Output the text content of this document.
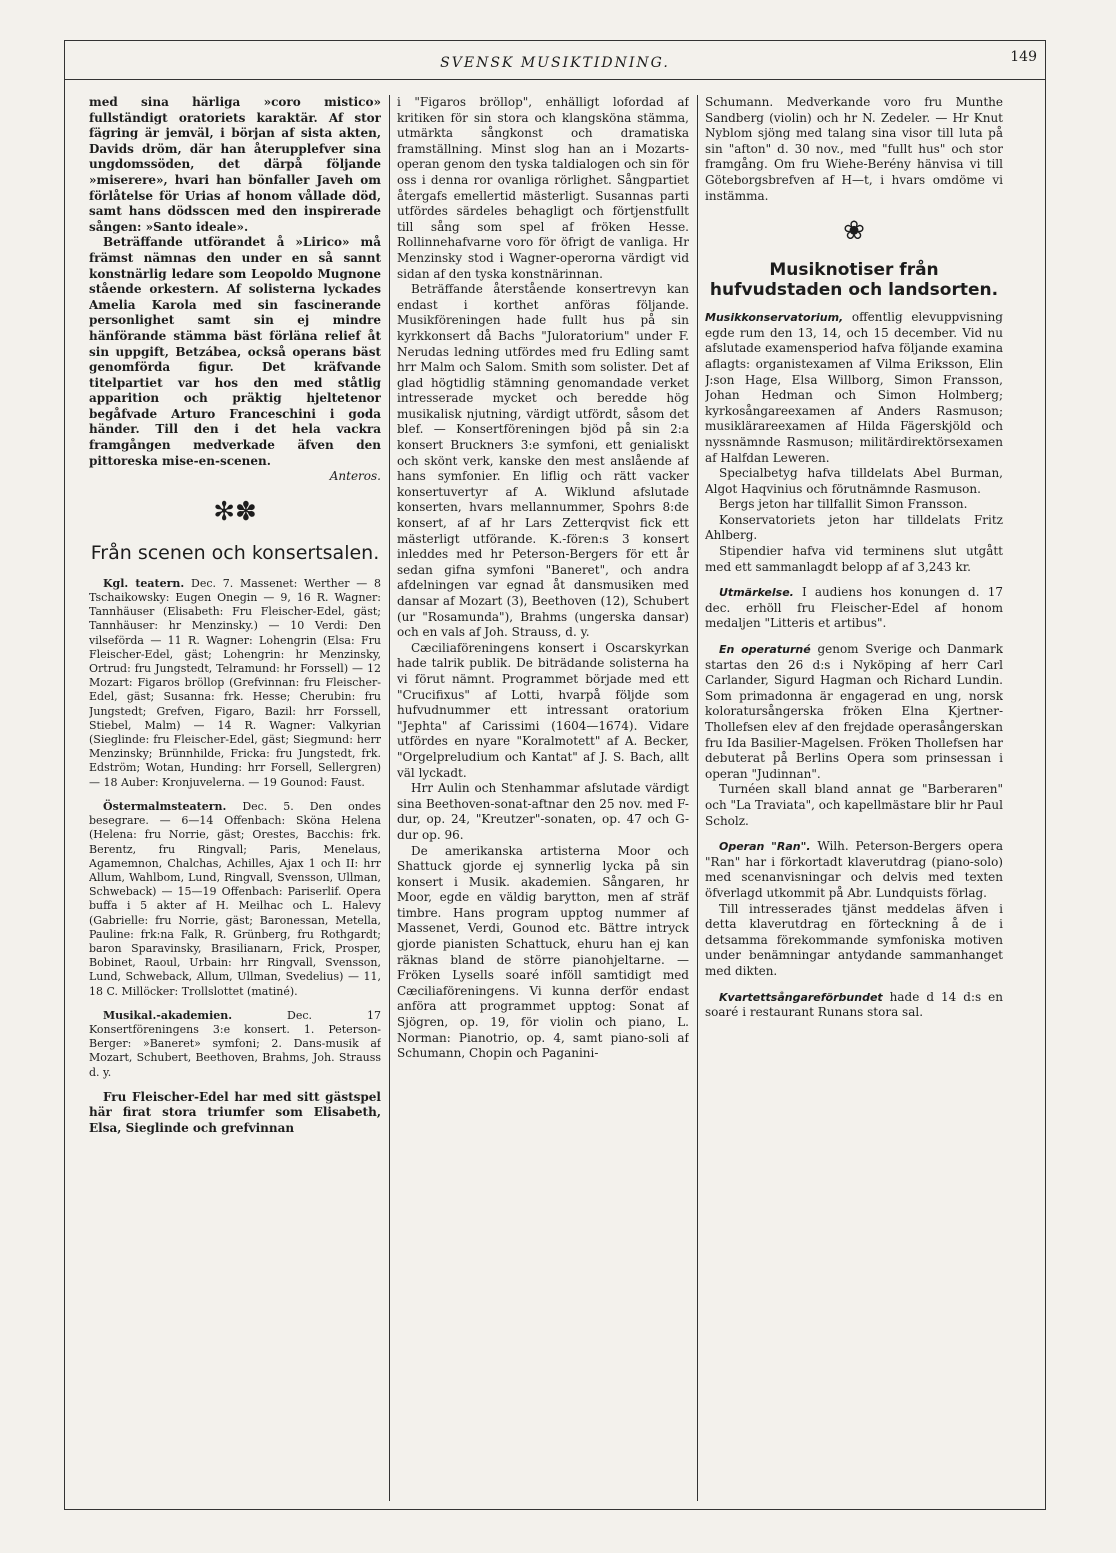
SVENSK MUSIKTIDNING.	149

med sina härliga »coro mistico» fullständigt oratoriets karaktär. Af stor fägring är jemväl, i början af sista akten, Davids dröm, där han återupplefver sina ungdomssöden, det därpå följande »miserere», hvari han bönfaller Javeh om förlåtelse för Urias af honom vållade död, samt hans dödsscen med den inspirerade sången: »Santo ideale».

Beträffande utförandet å »Lirico» må främst nämnas den under en så sannt konstnärlig ledare som Leopoldo Mugnone stående orkestern. Af solisterna lyckades Amelia Karola med sin fascinerande personlighet samt sin ej mindre hänförande stämma bäst förläna relief åt sin uppgift, Betzábea, också operans bäst genomförda figur. Det kräfvande titelpartiet var hos den med ståtlig apparition och präktig hjeltetenor begåfvade Arturo Franceschini i goda händer. Till den i det hela vackra framgången medverkade äfven den pittoreska mise-en-scenen.

Anteros.
✻✽
Från scenen och konsertsalen.

Kgl. teatern. Dec. 7. Massenet: Werther — 8 Tschaikowsky: Eugen Onegin — 9, 16 R. Wagner: Tannhäuser (Elisabeth: Fru Fleischer-Edel, gäst; Tannhäuser: hr Menzinsky.) — 10 Verdi: Den vilseförda — 11 R. Wagner: Lohengrin (Elsa: Fru Fleischer-Edel, gäst; Lohengrin: hr Menzinsky, Ortrud: fru Jungstedt, Telramund: hr Forssell) — 12 Mozart: Figaros bröllop (Grefvinnan: fru Fleischer-Edel, gäst; Susanna: frk. Hesse; Cherubin: fru Jungstedt; Grefven, Figaro, Bazil: hrr Forssell, Stiebel, Malm) — 14 R. Wagner: Valkyrian (Sieglinde: fru Fleischer-Edel, gäst; Siegmund: herr Menzinsky; Brünnhilde, Fricka: fru Jungstedt, frk. Edström; Wotan, Hunding: hrr Forsell, Sellergren) — 18 Auber: Kronjuvelerna. — 19 Gounod: Faust.

Östermalmsteatern. Dec. 5. Den ondes besegrare. — 6—14 Offenbach: Sköna Helena (Helena: fru Norrie, gäst; Orestes, Bacchis: frk. Berentz, fru Ringvall; Paris, Menelaus, Agamemnon, Chalchas, Achilles, Ajax 1 och II: hrr Allum, Wahlbom, Lund, Ringvall, Svensson, Ullman, Schweback) — 15—19 Offenbach: Pariserlif. Opera buffa i 5 akter af H. Meilhac och L. Halevy (Gabrielle: fru Norrie, gäst; Baronessan, Metella, Pauline: frk:na Falk, R. Grünberg, fru Rothgardt; baron Sparavinsky, Brasilianarn, Frick, Prosper, Bobinet, Raoul, Urbain: hrr Ringvall, Svensson, Lund, Schweback, Allum, Ullman, Svedelius) — 11, 18 C. Millöcker: Trollslottet (matiné).

Musikal.-akademien.	Dec. 17 Konsertföreningens 3:e konsert. 1. Peterson-Berger: »Baneret» symfoni; 2. Dans-musik af Mozart, Schubert, Beethoven, Brahms, Joh. Strauss d. y.

Fru Fleischer-Edel har med sitt gästspel här firat stora triumfer som Elisabeth, Elsa, Sieglinde och grefvinnan

i "Figaros bröllop", enhälligt lofordad af kritiken för sin stora och klangsköna stämma, utmärkta sångkonst och dramatiska framställning. Minst slog han an i Mozarts-operan genom den tyska taldialogen och sin för oss i denna ror ovanliga rörlighet. Sångpartiet återgafs emellertid mästerligt. Susannas parti utfördes särdeles behagligt och förtjenstfullt till sång som spel af fröken Hesse. Rollinnehafvarne voro för öfrigt de vanliga. Hr Menzinsky stod i Wagner-operorna värdigt vid sidan af den tyska konstnärinnan.

Beträffande återstående konsertrevyn kan endast i korthet anföras följande. Musikföreningen hade fullt hus på sin kyrkkonsert då Bachs "Juloratorium" under F. Nerudas ledning utfördes med fru Edling samt hrr Malm och Salom. Smith som solister. Det af glad högtidlig stämning genomandade verket intresserade mycket och beredde hög musikalisk njutning, värdigt utfördt, såsom det blef. — Konsertföreningen bjöd på sin 2:a konsert Bruckners 3:e symfoni, ett genialiskt och skönt verk, kanske den mest anslående af hans symfonier. En liflig och rätt vacker konsertuvertyr af A. Wiklund afslutade konserten, hvars mellannummer, Spohrs 8:de konsert, af af hr Lars Zetterqvist fick ett mästerligt utförande. K.-fören:s 3 konsert inleddes med hr Peterson-Bergers för ett år sedan gifna symfoni "Baneret", och andra afdelningen var egnad åt dansmusiken med dansar af Mozart (3), Beethoven (12), Schubert (ur "Rosamunda"), Brahms (ungerska dansar) och en vals af Joh. Strauss, d. y.

Cæciliaföreningens konsert i Oscarskyrkan hade talrik publik. De biträdande solisterna ha vi förut nämnt. Programmet började med ett "Crucifixus" af Lotti, hvarpå följde som hufvudnummer ett intressant oratorium "Jephta" af Carissimi (1604—1674). Vidare utfördes en nyare "Koralmotett" af A. Becker, "Orgelpreludium och Kantat" af J. S. Bach, allt väl lyckadt.

Hrr Aulin och Stenhammar afslutade värdigt sina Beethoven-sonat-aftnar den 25 nov. med F-dur, op. 24, "Kreutzer"-sonaten, op. 47 och G-dur op. 96.

De amerikanska artisterna Moor och Shattuck gjorde ej synnerlig lycka på sin konsert i Musik. akademien. Sångaren, hr Moor, egde en väldig barytton, men af sträf timbre. Hans program upptog nummer af Massenet, Verdi, Gounod etc. Bättre intryck gjorde pianisten Schattuck, ehuru han ej kan räknas bland de större pianohjeltarne. — Fröken Lysells soaré inföll samtidigt med Cæciliaföreningens. Vi kunna derför endast anföra att programmet upptog: Sonat af Sjögren, op. 19, för violin och piano, L. Norman: Pianotrio, op. 4, samt piano-soli af Schumann, Chopin och Paganini-

Schumann. Medverkande voro fru Munthe Sandberg (violin) och hr N. Zedeler. — Hr Knut Nyblom sjöng med talang sina visor till luta på sin "afton" d. 30 nov., med "fullt hus" och stor framgång. Om fru Wiehe-Berény hänvisa vi till Göteborgsbrefven af H—t, i hvars omdöme vi instämma.

❀
Musiknotiser från hufvudstaden och landsorten.

Musikkonservatorium, offentlig elevuppvisning egde rum den 13, 14, och 15 december. Vid nu afslutade examensperiod hafva följande examina aflagts: organistexamen af Vilma Eriksson, Elin J:son Hage, Elsa Willborg, Simon Fransson, Johan Hedman och Simon Holmberg; kyrkosångareexamen af Anders Rasmuson; musiklärareexamen af Hilda Fägerskjöld och nyssnämnde Rasmuson; militärdirektörsexamen af Halfdan Leweren.

Specialbetyg hafva tilldelats Abel Burman, Algot Haqvinius och förutnämnde Rasmuson.

Bergs jeton har tillfallit Simon Fransson.

Konservatoriets jeton har tilldelats Fritz Ahlberg.

Stipendier hafva vid terminens slut utgått med ett sammanlagdt belopp af af 3,243 kr.

Utmärkelse. I audiens hos konungen d. 17 dec. erhöll fru Fleischer-Edel af honom medaljen "Litteris et artibus".

En operaturné genom Sverige och Danmark startas den 26 d:s i Nyköping af herr Carl Carlander, Sigurd Hagman och Richard Lundin. Som primadonna är engagerad en ung, norsk koloratursångerska fröken Elna Kjertner-Thollefsen elev af den frejdade operasångerskan fru Ida Basilier-Magelsen. Fröken Thollefsen har debuterat på Berlins Opera som prinsessan i operan "Judinnan".

Turnéen skall bland annat ge "Barberaren" och "La Traviata", och kapellmästare blir hr Paul Scholz.

Operan "Ran". Wilh. Peterson-Bergers opera "Ran" har i förkortadt klaverutdrag (piano-solo) med scenanvisningar och delvis med texten öfverlagd utkommit på Abr. Lundquists förlag.

Till intresserades tjänst meddelas äfven i detta klaverutdrag en förteckning å de i detsamma förekommande symfoniska motiven under benämningar antydande sammanhanget med dikten.

Kvartettsångareförbundet hade d 14 d:s en soaré i restaurant Runans stora sal.
